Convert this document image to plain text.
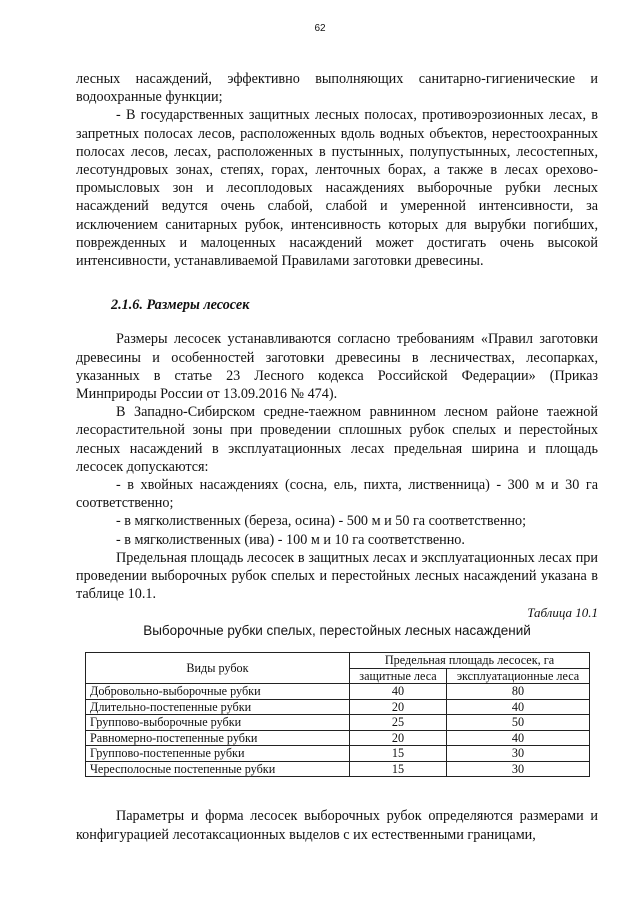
62

лесных насаждений, эффективно выполняющих санитарно-гигиенические и водоохранные функции;

- В государственных защитных лесных полосах, противоэрозионных лесах, в запретных полосах лесов, расположенных вдоль водных объектов, нерестоохранных полосах лесов, лесах, расположенных в пустынных, полупустынных, лесостепных, лесотундровых зонах, степях, горах, ленточных борах, а также в лесах орехово-промысловых зон и лесоплодовых насаждениях выборочные рубки лесных насаждений ведутся очень слабой, слабой и умеренной интенсивности, за исключением санитарных рубок, интенсивность которых для вырубки погибших, поврежденных и малоценных насаждений может достигать очень высокой интенсивности, устанавливаемой Правилами заготовки древесины.

2.1.6. Размеры лесосек

Размеры лесосек устанавливаются согласно требованиям «Правил заготовки древесины и особенностей заготовки древесины в лесничествах, лесопарках, указанных в статье 23 Лесного кодекса Российской Федерации» (Приказ Минприроды России от 13.09.2016 № 474).

В Западно-Сибирском средне-таежном равнинном лесном районе таежной лесорастительной зоны при проведении сплошных рубок спелых и перестойных лесных насаждений в эксплуатационных лесах предельная ширина и площадь лесосек допускаются:

- в хвойных насаждениях (сосна, ель, пихта, лиственница) - 300 м и 30 га соответственно;

- в мягколиственных (береза, осина) - 500 м и 50 га соответственно;

- в мягколиственных (ива) - 100 м и 10 га соответственно.

Предельная площадь лесосек в защитных лесах и эксплуатационных лесах при проведении выборочных рубок спелых и перестойных лесных насаждений указана в таблице 10.1.

Таблица 10.1
Выборочные рубки спелых, перестойных лесных насаждений
Виды рубок	Предельная площадь лесосек, га	
	защитные леса	эксплуатационные леса
Добровольно-выборочные рубки	40	80
Длительно-постепенные рубки	20	40
Группово-выборочные рубки	25	50
Равномерно-постепенные рубки	20	40
Группово-постепенные рубки	15	30
Чересполосные постепенные рубки	15	30

Параметры и форма лесосек выборочных рубок определяются размерами и конфигурацией лесотаксационных выделов с их естественными границами,
